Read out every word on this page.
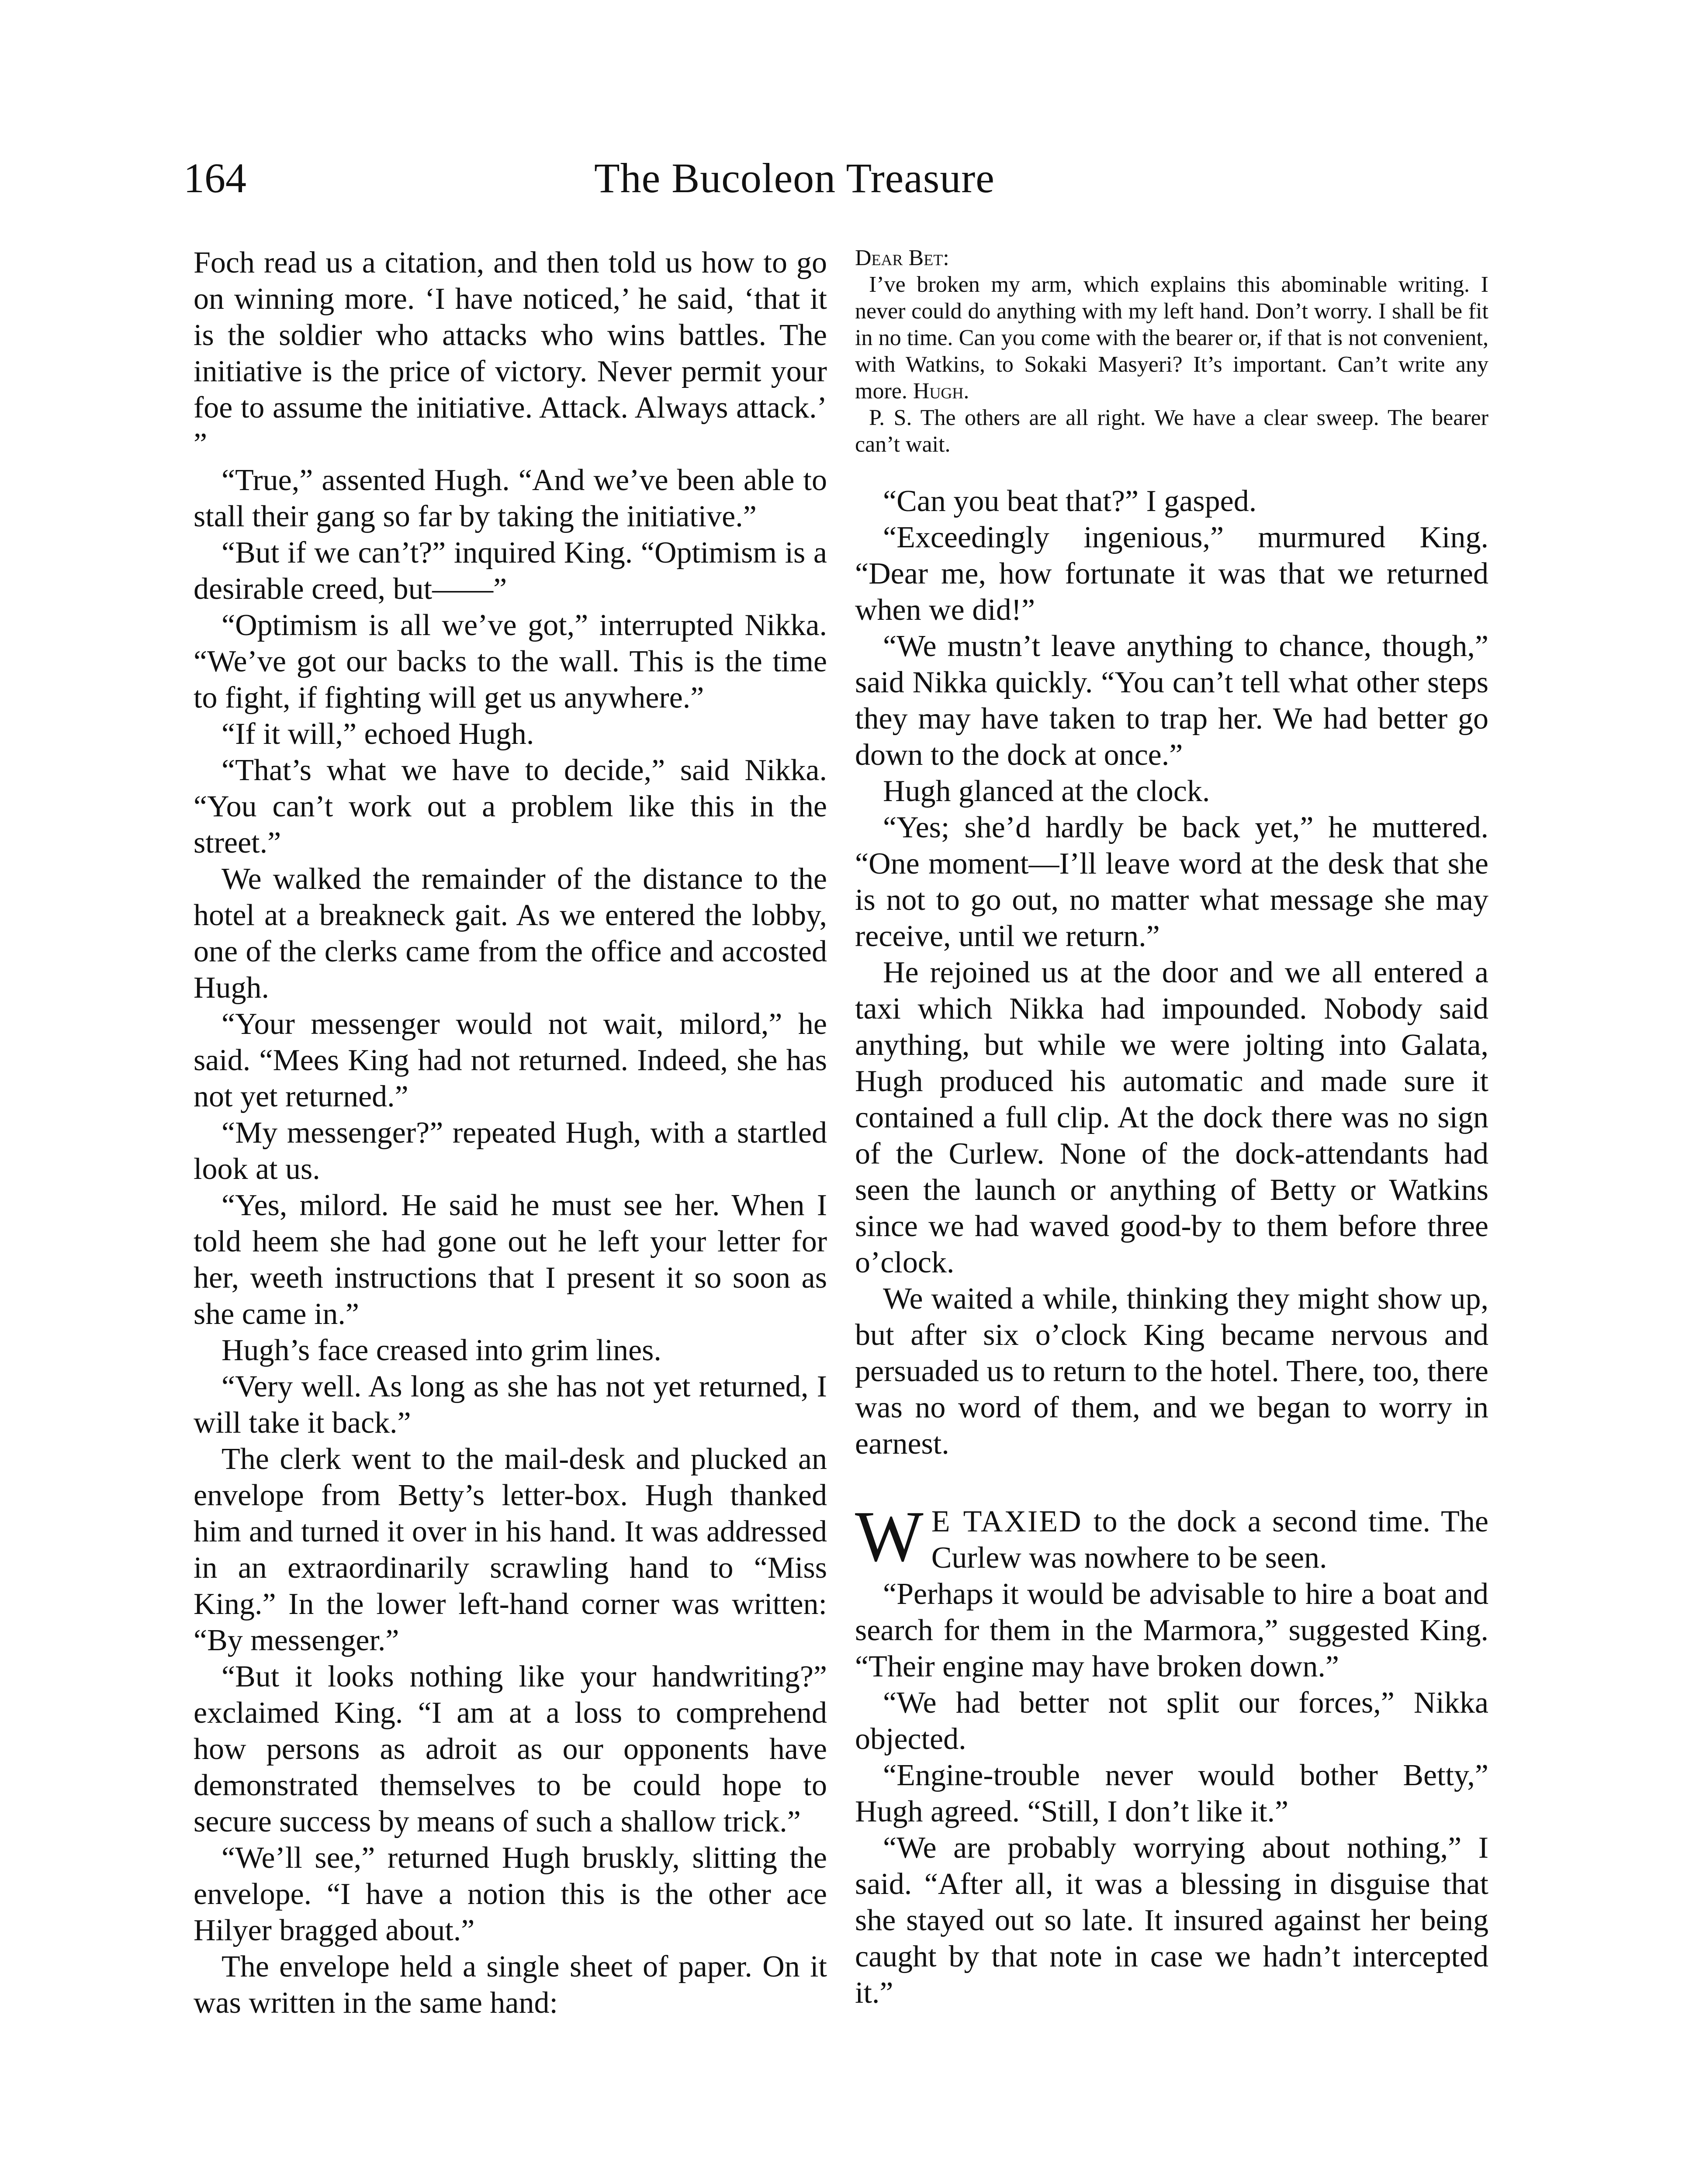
164	The Bucoleon Treasure

Foch read us a citation, and then told us how to go on winning more. ‘I have noticed,’ he said, ‘that it is the soldier who attacks who wins battles. The initiative is the price of victory. Never permit your foe to assume the initiative. Attack. Always attack.’ ”

“True,” assented Hugh. “And we’ve been able to stall their gang so far by taking the initiative.”

“But if we can’t?” inquired King. “Optimism is a desirable creed, but——”

“Optimism is all we’ve got,” interrupted Nikka. “We’ve got our backs to the wall. This is the time to fight, if fighting will get us anywhere.”

“If it will,” echoed Hugh.

“That’s what we have to decide,” said Nikka. “You can’t work out a problem like this in the street.”

We walked the remainder of the distance to the hotel at a breakneck gait. As we entered the lobby, one of the clerks came from the office and accosted Hugh.

“Your messenger would not wait, milord,” he said. “Mees King had not returned. Indeed, she has not yet returned.”

“My messenger?” repeated Hugh, with a startled look at us.

“Yes, milord. He said he must see her. When I told heem she had gone out he left your letter for her, weeth instructions that I present it so soon as she came in.”

Hugh’s face creased into grim lines.

“Very well. As long as she has not yet returned, I will take it back.”

The clerk went to the mail-desk and plucked an envelope from Betty’s letter-box. Hugh thanked him and turned it over in his hand. It was addressed in an extraordinarily scrawling hand to “Miss King.” In the lower left-hand corner was written: “By messenger.”

“But it looks nothing like your handwriting?” exclaimed King. “I am at a loss to comprehend how persons as adroit as our opponents have demonstrated themselves to be could hope to secure success by means of such a shallow trick.”

“We’ll see,” returned Hugh bruskly, slitting the envelope. “I have a notion this is the other ace Hilyer bragged about.”

The envelope held a single sheet of paper. On it was written in the same hand:

Dear Bet:

I’ve broken my arm, which explains this abominable writing. I never could do anything with my left hand. Don’t worry. I shall be fit in no time. Can you come with the bearer or, if that is not convenient, with Watkins, to Sokaki Masyeri? It’s important. Can’t write any more. Hugh.

P. S. The others are all right. We have a clear sweep. The bearer can’t wait.

“Can you beat that?” I gasped.

“Exceedingly ingenious,” murmured King. “Dear me, how fortunate it was that we returned when we did!”

“We mustn’t leave anything to chance, though,” said Nikka quickly. “You can’t tell what other steps they may have taken to trap her. We had better go down to the dock at once.”

Hugh glanced at the clock.

“Yes; she’d hardly be back yet,” he muttered. “One moment—I’ll leave word at the desk that she is not to go out, no matter what message she may receive, until we return.”

He rejoined us at the door and we all entered a taxi which Nikka had impounded. Nobody said anything, but while we were jolting into Galata, Hugh produced his automatic and made sure it contained a full clip. At the dock there was no sign of the Curlew. None of the dock-attendants had seen the launch or anything of Betty or Watkins since we had waved good-by to them before three o’clock.

We waited a while, thinking they might show up, but after six o’clock King became nervous and persuaded us to return to the hotel. There, too, there was no word of them, and we began to worry in earnest.

W E TAXIED to the dock a second time. The Curlew was nowhere to be seen.

“Perhaps it would be advisable to hire a boat and search for them in the Marmora,” suggested King. “Their engine may have broken down.”

“We had better not split our forces,” Nikka objected.

“Engine-trouble never would bother Betty,” Hugh agreed. “Still, I don’t like it.”

“We are probably worrying about nothing,” I said. “After all, it was a blessing in disguise that she stayed out so late. It insured against her being caught by that note in case we hadn’t intercepted it.”
